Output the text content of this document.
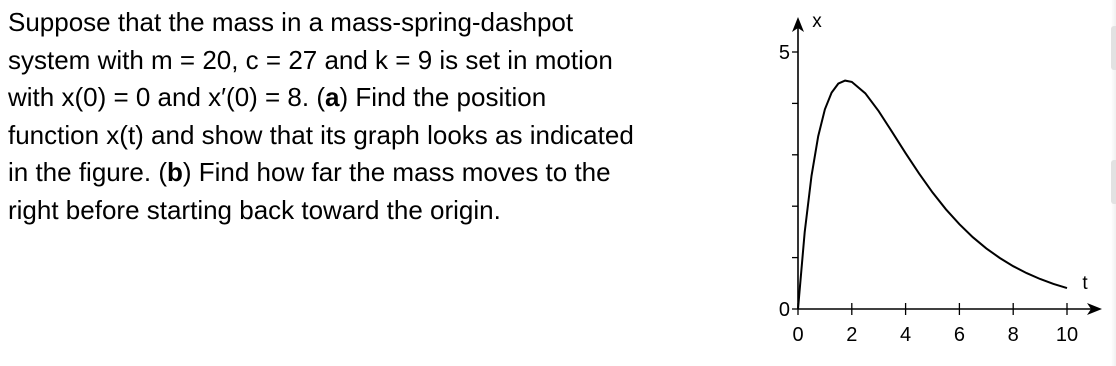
Suppose that the mass in a mass-spring-dashpot
system with m = 20, c = 27 and k = 9 is set in motion
with x(0) = 0 and x′(0) = 8. (a) Find the position
function x(t) and show that its graph looks as indicated
in the figure. (b) Find how far the mass moves to the
right before starting back toward the origin.
t
x
0 2 4 6 8 10
0
5
